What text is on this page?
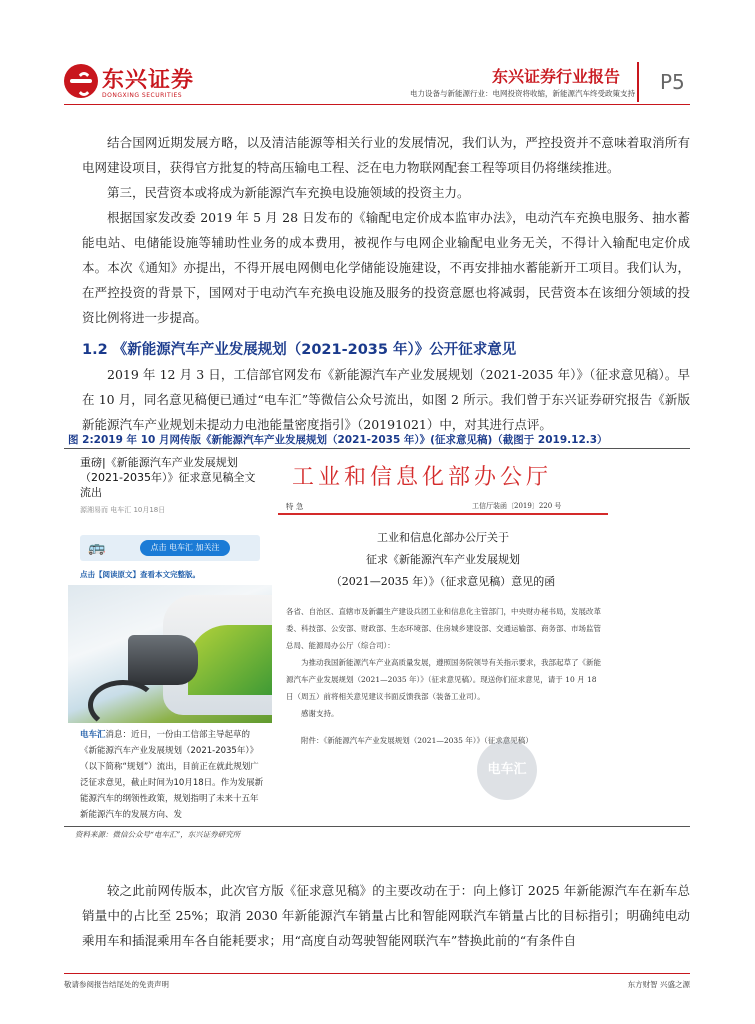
东兴证券
DONGXING SECURITIES
东兴证券行业报告
电力设备与新能源行业：电网投资将收缩，新能源汽车终受政策支持 P5

结合国网近期发展方略，以及清洁能源等相关行业的发展情况，我们认为，严控投资并不意味着取消所有电网建设项目，获得官方批复的特高压输电工程、泛在电力物联网配套工程等项目仍将继续推进。

第三，民营资本或将成为新能源汽车充换电设施领域的投资主力。

根据国家发改委 2019 年 5 月 28 日发布的《输配电定价成本监审办法》，电动汽车充换电服务、抽水蓄能电站、电储能设施等辅助性业务的成本费用，被视作与电网企业输配电业务无关，不得计入输配电定价成本。本次《通知》亦提出，不得开展电网侧电化学储能设施建设，不再安排抽水蓄能新开工项目。我们认为，在严控投资的背景下，国网对于电动汽车充换电设施及服务的投资意愿也将减弱，民营资本在该细分领域的投资比例将进一步提高。

1.2 《新能源汽车产业发展规划（2021-2035 年）》公开征求意见

2019 年 12 月 3 日，工信部官网发布《新能源汽车产业发展规划（2021-2035 年）》（征求意见稿）。早在 10 月，同名意见稿便已通过“电车汇”等微信公众号流出，如图 2 所示。我们曾于东兴证券研究报告《新版新能源汽车产业规划未提动力电池能量密度指引》（20191021）中，对其进行点评。

图 2:2019 年 10 月网传版《新能源汽车产业发展规划（2021-2035 年）》(征求意见稿)（截图于 2019.12.3）
重磅|《新能源汽车产业发展规划（2021-2035年）》征求意见稿全文流出
源湘易而 电车汇 10月18日
🚌	点击 电车汇 加关注
点击【阅读原文】查看本文完整版。
电车汇消息：近日，一份由工信部主导起草的《新能源汽车产业发展规划（2021-2035年）》（以下简称“规划”）流出，目前正在就此规划广泛征求意见，截止时间为10月18日。作为发展新能源汽车的纲领性政策，规划指明了未来十五年新能源汽车的发展方向、发
工业和信息化部办公厅
特 急	工信厅装函〔2019〕220 号
工业和信息化部办公厅关于
征求《新能源汽车产业发展规划
（2021—2035 年）》（征求意见稿）意见的函

各省、自治区、直辖市及新疆生产建设兵团工业和信息化主管部门，中央财办秘书局，发展改革委、科技部、公安部、财政部、生态环境部、住房城乡建设部、交通运输部、商务部、市场监管总局、能源局办公厅（综合司）：

为推动我国新能源汽车产业高质量发展，遵照国务院领导有关指示要求，我部起草了《新能源汽车产业发展规划（2021—2035 年）》（征求意见稿）。现送你们征求意见，请于 10 月 18 日（周五）前将相关意见建议书面反馈我部（装备工业司）。

感谢支持。

附件：《新能源汽车产业发展规划（2021—2035 年）》（征求意见稿）

电车汇
资料来源：微信公众号“电车汇”，东兴证券研究所

较之此前网传版本，此次官方版《征求意见稿》的主要改动在于：向上修订 2025 年新能源汽车在新车总销量中的占比至 25%；取消 2030 年新能源汽车销量占比和智能网联汽车销量占比的目标指引；明确纯电动乘用车和插混乘用车各自能耗要求；用“高度自动驾驶智能网联汽车”替换此前的“有条件自

敬请参阅报告结尾处的免责声明	东方财智 兴盛之源
